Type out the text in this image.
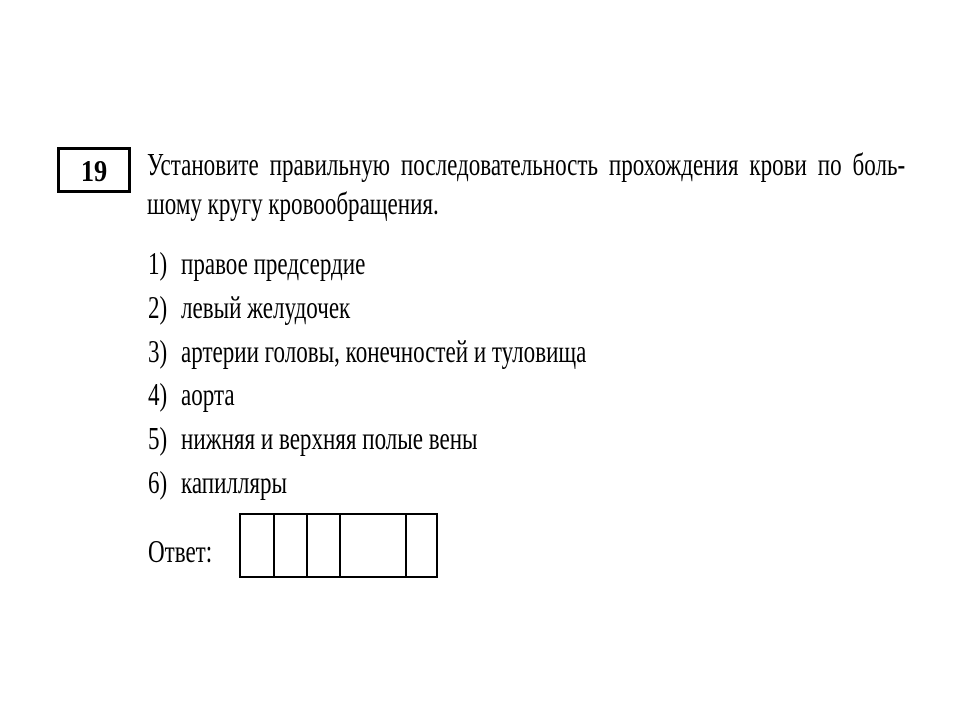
19	Установите правильную последовательность прохождения крови по боль-
шому кругу кровообращения.
1) правое предсердие
2) левый желудочек
3) артерии головы, конечностей и туловища
4) аорта
5) нижняя и верхняя полые вены
6) капилляры
Ответ:
